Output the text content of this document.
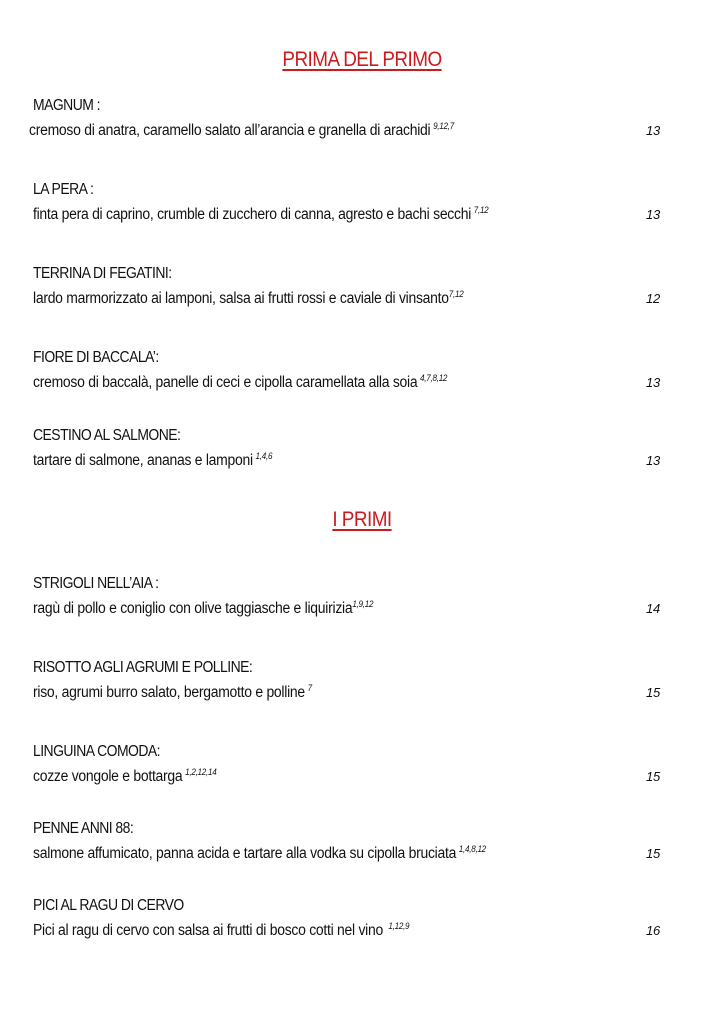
PRIMA DEL PRIMO
MAGNUM :
cremoso di anatra, caramello salato all’arancia e granella di arachidi $^{9,12,7}$	13
LA PERA :
finta pera di caprino, crumble di zucchero di canna, agresto e bachi secchi $^{7,12}$	13
TERRINA DI FEGATINI:
lardo marmorizzato ai lamponi, salsa ai frutti rossi e caviale di vinsanto$^{7,12}$	12
FIORE DI BACCALA’:
cremoso di baccalà, panelle di ceci e cipolla caramellata alla soia $^{4,7,8,12}$	13
CESTINO AL SALMONE:
tartare di salmone, ananas e lamponi $^{1,4,6}$	13
I PRIMI
STRIGOLI NELL’AIA :
ragù di pollo e coniglio con olive taggiasche e liquirizia$^{1,9,12}$	14
RISOTTO AGLI AGRUMI E POLLINE:
riso, agrumi burro salato, bergamotto e polline $^7$	15
LINGUINA COMODA:
cozze vongole e bottarga $^{1,2,12,14}$	15
PENNE ANNI 88:
salmone affumicato, panna acida e tartare alla vodka su cipolla bruciata $^{1,4,8,12}$	15
PICI AL RAGU DI CERVO
Pici al ragu di cervo con salsa ai frutti di bosco cotti nel vino $^{1,12,9}$	16
